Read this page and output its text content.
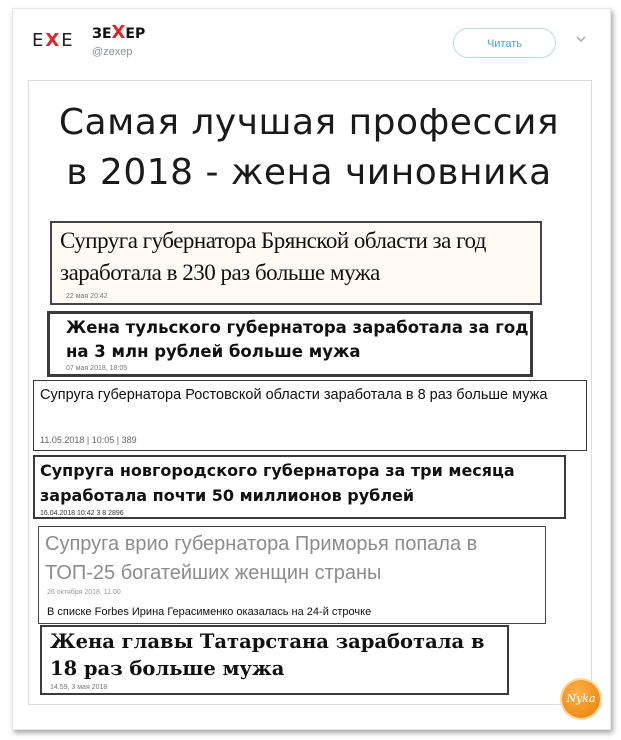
EXE ЗЕXЕР
@zexep
Читать
Самая лучшая профессия
в 2018 - жена чиновника
Супруга губернатора Брянской области за год заработала в 230 раз больше мужа
22 мая 20:42
Жена тульского губернатора заработала за год на 3 млн рублей больше мужа
07 мая 2018, 18:05
Супруга губернатора Ростовской области заработала в 8 раз больше мужа
11.05.2018 | 10:05 | 389
Супруга новгородского губернатора за три месяца заработала почти 50 миллионов рублей
16.04.2018 10:42 3 8 2896
Супруга врио губернатора Приморья попала в ТОП-25 богатейших женщин страны
26 октября 2018, 11:00
В списке Forbes Ирина Герасименко оказалась на 24-й строчке
Жена главы Татарстана заработала в 18 раз больше мужа
14:59, 3 мая 2018
Nyka
